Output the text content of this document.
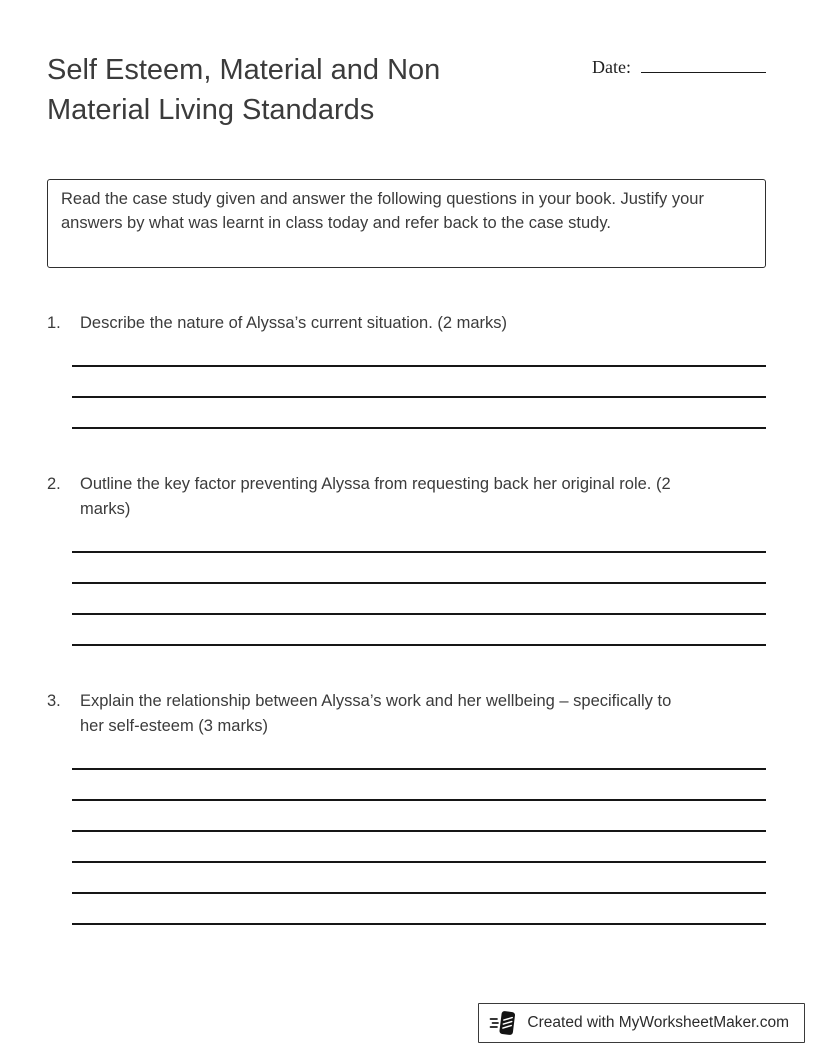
Self Esteem, Material and Non Material Living Standards
Date:

Read the case study given and answer the following questions in your book. Justify your answers by what was learnt in class today and refer back to the case study.

1.	Describe the nature of Alyssa’s current situation. (2 marks)

2.	Outline the key factor preventing Alyssa from requesting back her original role. (2 marks)

3.	Explain the relationship between Alyssa’s work and her wellbeing – specifically to her self-esteem (3 marks)

Created with MyWorksheetMaker.com
